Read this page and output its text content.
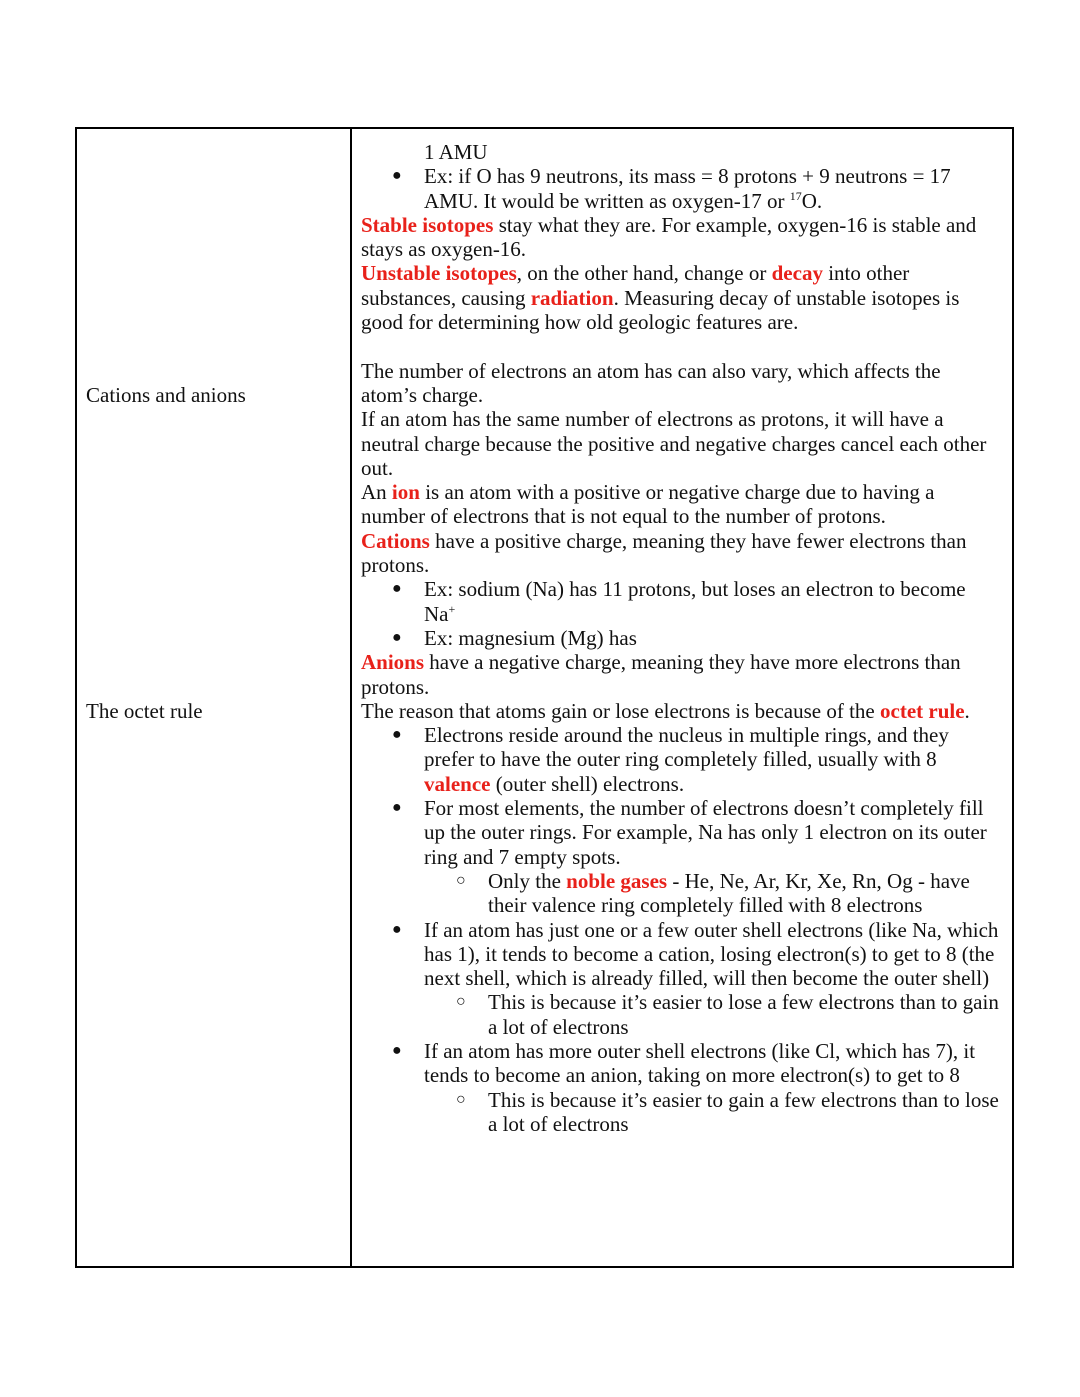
Cations and anions
The octet rule
1 AMU
● Ex: if O has 9 neutrons, its mass = 8 protons + 9 neutrons = 17
AMU. It would be written as oxygen-17 or $^{17}$O.
Stable isotopes stay what they are. For example, oxygen-16 is stable and
stays as oxygen-16.
Unstable isotopes, on the other hand, change or decay into other
substances, causing radiation. Measuring decay of unstable isotopes is
good for determining how old geologic features are.
The number of electrons an atom has can also vary, which affects the
atom’s charge.
If an atom has the same number of electrons as protons, it will have a
neutral charge because the positive and negative charges cancel each other
out.
An ion is an atom with a positive or negative charge due to having a
number of electrons that is not equal to the number of protons.
Cations have a positive charge, meaning they have fewer electrons than
protons.
● Ex: sodium (Na) has 11 protons, but loses an electron to become
Na+
● Ex: magnesium (Mg) has
Anions have a negative charge, meaning they have more electrons than
protons.
The reason that atoms gain or lose electrons is because of the octet rule.
● Electrons reside around the nucleus in multiple rings, and they
prefer to have the outer ring completely filled, usually with 8
valence (outer shell) electrons.
● For most elements, the number of electrons doesn’t completely fill
up the outer rings. For example, Na has only 1 electron on its outer
ring and 7 empty spots.
○ Only the noble gases - He, Ne, Ar, Kr, Xe, Rn, Og - have
their valence ring completely filled with 8 electrons
● If an atom has just one or a few outer shell electrons (like Na, which
has 1), it tends to become a cation, losing electron(s) to get to 8 (the
next shell, which is already filled, will then become the outer shell)
○ This is because it’s easier to lose a few electrons than to gain
a lot of electrons
● If an atom has more outer shell electrons (like Cl, which has 7), it
tends to become an anion, taking on more electron(s) to get to 8
○ This is because it’s easier to gain a few electrons than to lose
a lot of electrons
